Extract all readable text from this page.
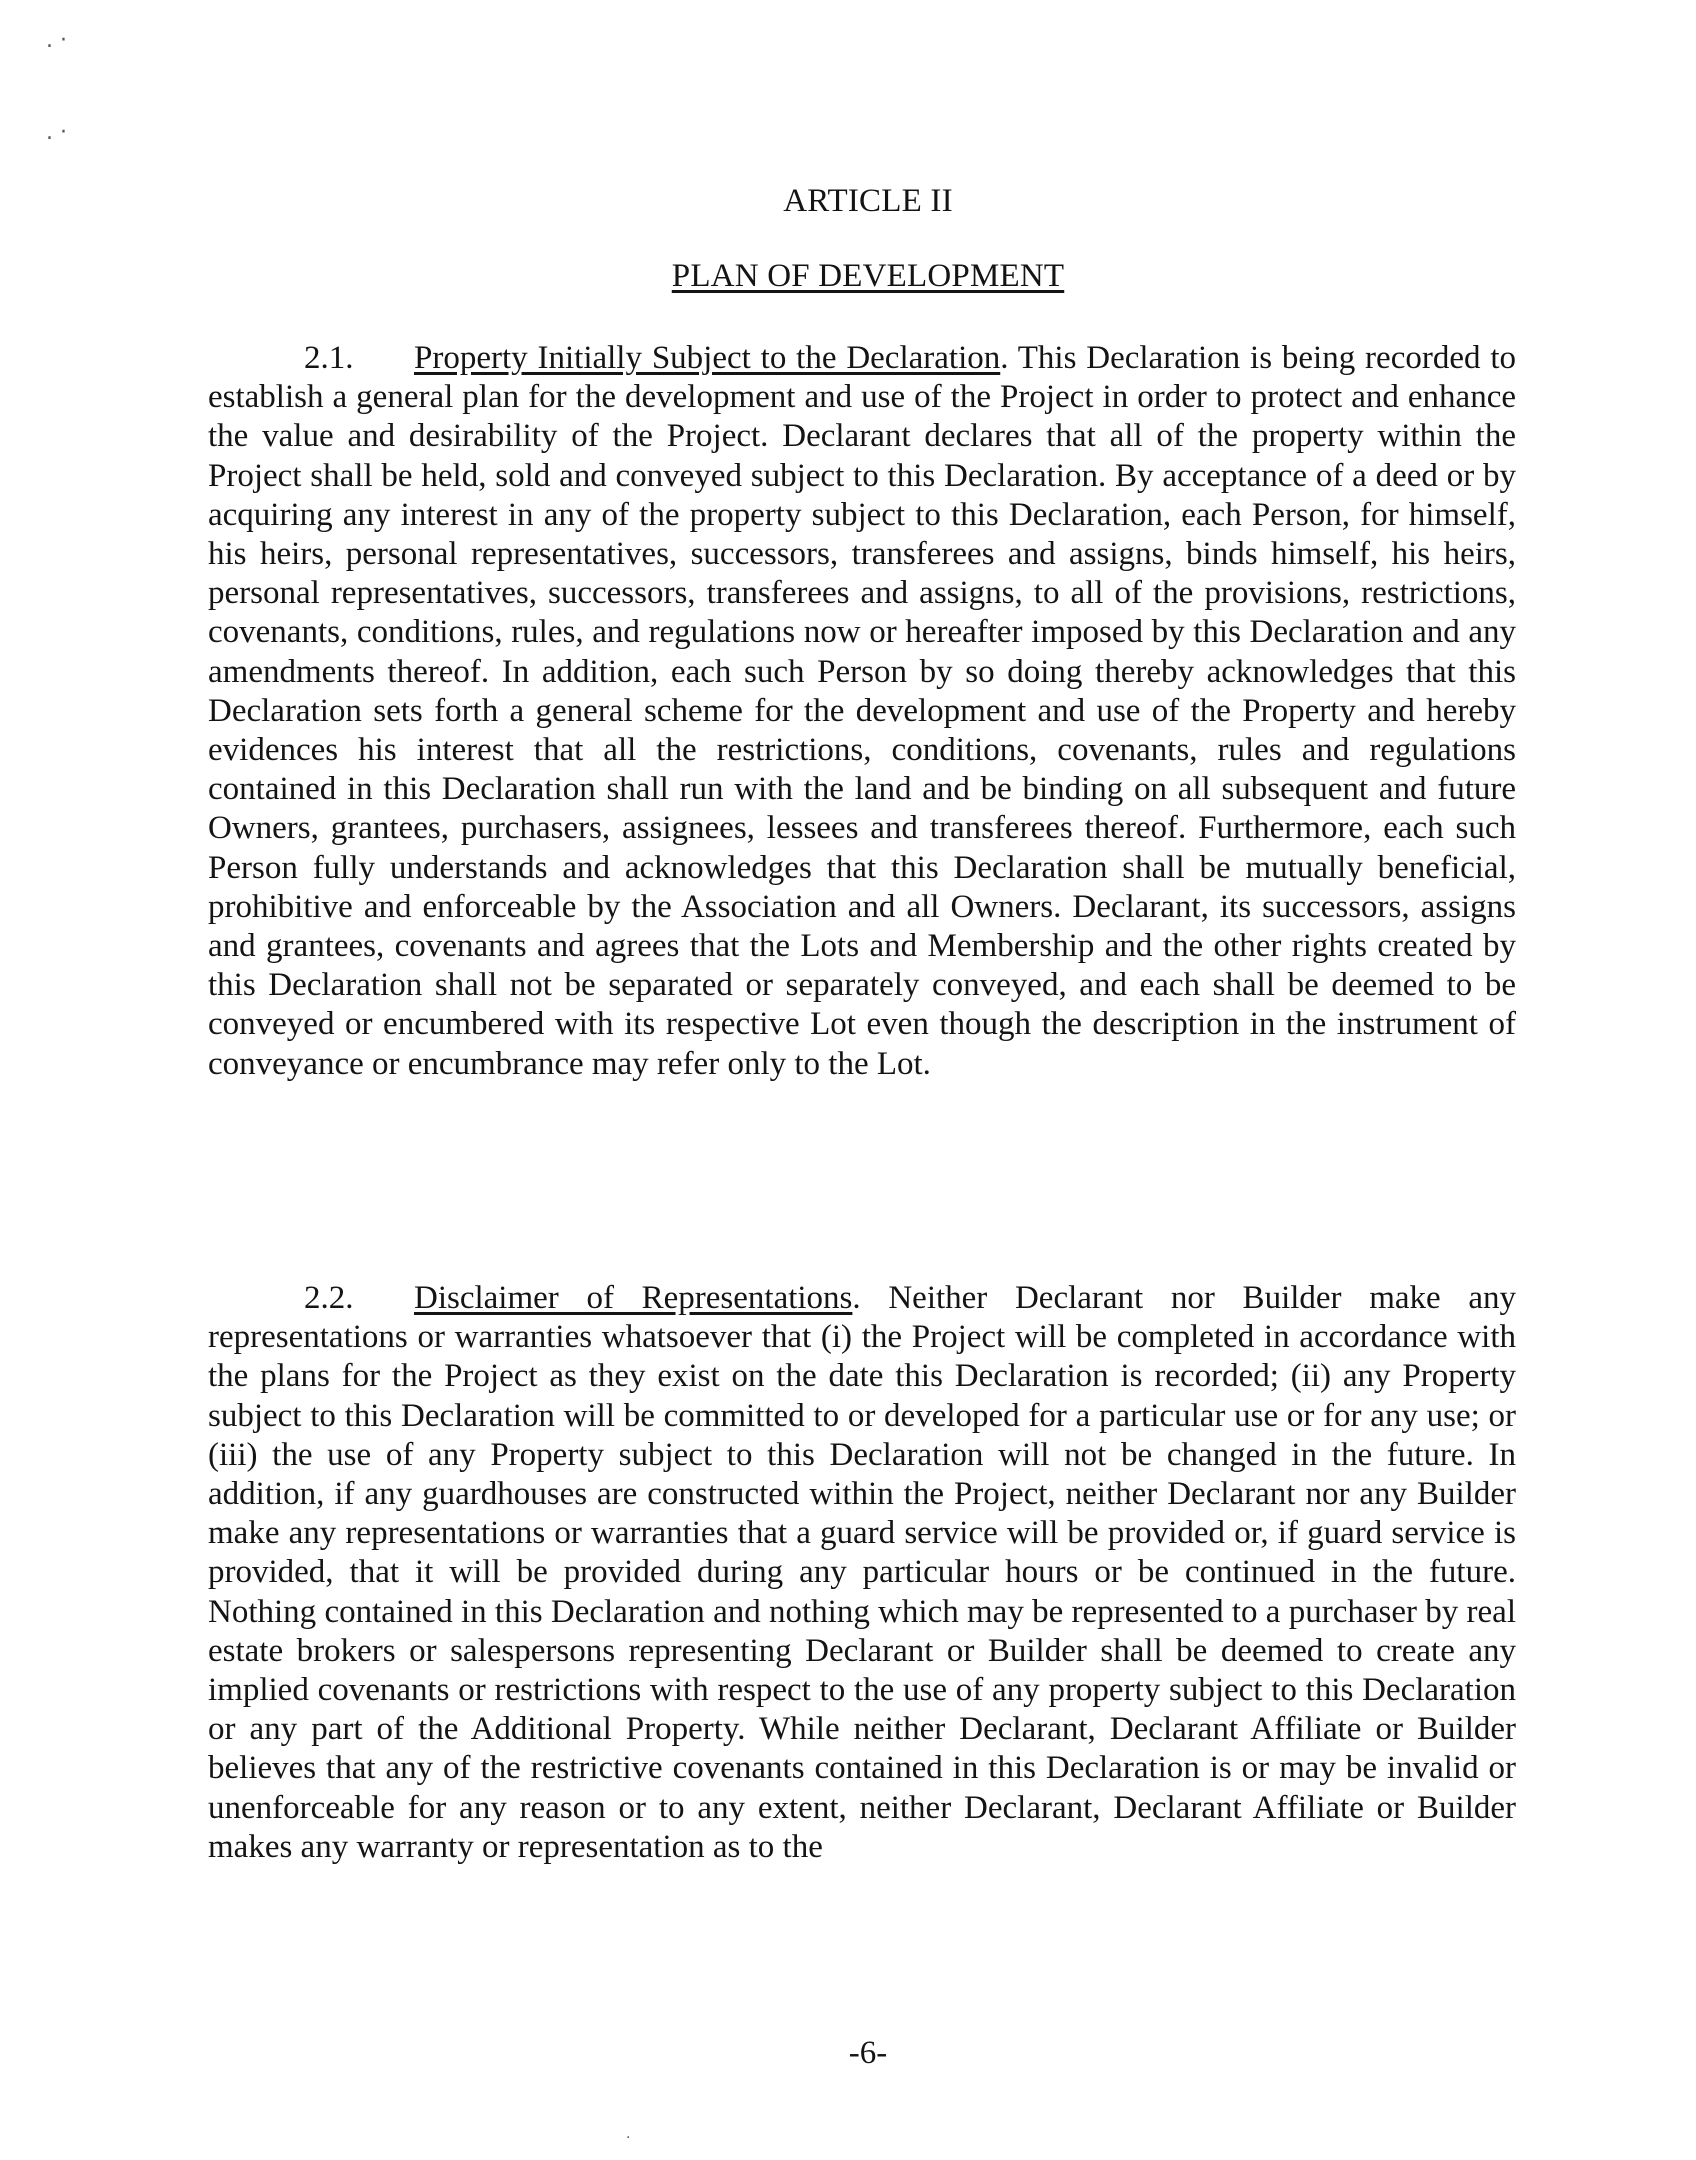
. ·
. ·
·
ARTICLE II
PLAN OF DEVELOPMENT

2.1. Property Initially Subject to the Declaration. This Declaration is being recorded to establish a general plan for the development and use of the Project in order to protect and enhance the value and desirability of the Project. Declarant declares that all of the property within the Project shall be held, sold and conveyed subject to this Declaration. By acceptance of a deed or by acquiring any interest in any of the property subject to this Declaration, each Person, for himself, his heirs, personal representatives, successors, transferees and assigns, binds himself, his heirs, personal representatives, successors, transferees and assigns, to all of the provisions, restrictions, covenants, conditions, rules, and regulations now or hereafter imposed by this Declaration and any amendments thereof. In addition, each such Person by so doing thereby acknowledges that this Declaration sets forth a general scheme for the development and use of the Property and hereby evidences his interest that all the restrictions, conditions, covenants, rules and regulations contained in this Declaration shall run with the land and be binding on all subsequent and future Owners, grantees, purchasers, assignees, lessees and transferees thereof. Furthermore, each such Person fully understands and acknowledges that this Declaration shall be mutually beneficial, prohibitive and enforceable by the Association and all Owners. Declarant, its successors, assigns and grantees, covenants and agrees that the Lots and Membership and the other rights created by this Declaration shall not be separated or separately conveyed, and each shall be deemed to be conveyed or encumbered with its respective Lot even though the description in the instrument of conveyance or encumbrance may refer only to the Lot.

2.2. Disclaimer of Representations. Neither Declarant nor Builder make any representations or warranties whatsoever that (i) the Project will be completed in accordance with the plans for the Project as they exist on the date this Declaration is recorded; (ii) any Property subject to this Declaration will be committed to or developed for a particular use or for any use; or (iii) the use of any Property subject to this Declaration will not be changed in the future. In addition, if any guardhouses are constructed within the Project, neither Declarant nor any Builder make any representations or warranties that a guard service will be provided or, if guard service is provided, that it will be provided during any particular hours or be continued in the future. Nothing contained in this Declaration and nothing which may be represented to a purchaser by real estate brokers or salespersons representing Declarant or Builder shall be deemed to create any implied covenants or restrictions with respect to the use of any property subject to this Declaration or any part of the Additional Property. While neither Declarant, Declarant Affiliate or Builder believes that any of the restrictive covenants contained in this Declaration is or may be invalid or unenforceable for any reason or to any extent, neither Declarant, Declarant Affiliate or Builder makes any warranty or representation as to the

-6-
